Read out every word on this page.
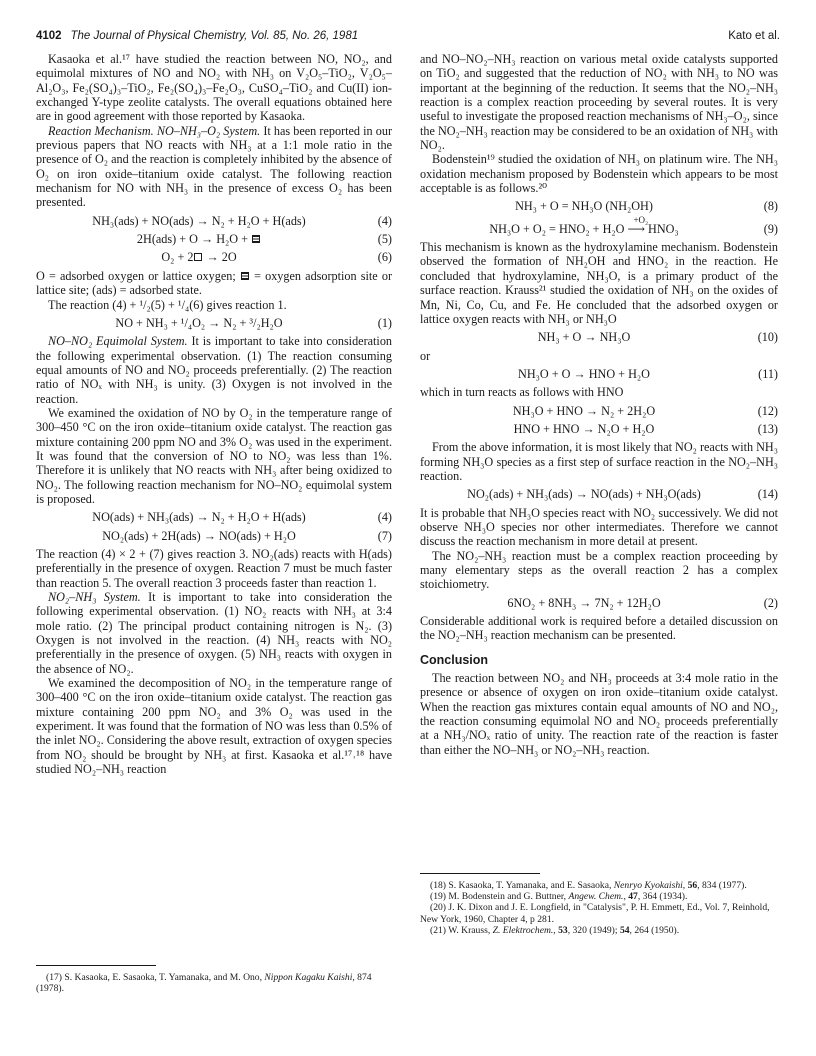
4102 The Journal of Physical Chemistry, Vol. 85, No. 26, 1981	Kato et al.

Kasaoka et al.¹⁷ have studied the reaction between NO, NO₂, and equimolal mixtures of NO and NO₂ with NH₃ on V₂O₅–TiO₂, V₂O₅–Al₂O₃, Fe₂(SO₄)₃–TiO₂, Fe₂(SO₄)₃–Fe₂O₃, CuSO₄–TiO₂ and Cu(II) ion-exchanged Y-type zeolite catalysts. The overall equations obtained here are in good agreement with those reported by Kasaoka.

Reaction Mechanism. NO–NH₃–O₂ System. It has been reported in our previous papers that NO reacts with NH₃ at a 1:1 mole ratio in the presence of O₂ and the reaction is completely inhibited by the absence of O₂ on iron oxide–titanium oxide catalyst. The following reaction mechanism for NO with NH₃ in the presence of excess O₂ has been presented.

NH₃(ads) + NO(ads) → N₂ + H₂O + H(ads)	(4)
2H(ads) + O → H₂O +	(5)
O₂ + 2 → 2O	(6)

O = adsorbed oxygen or lattice oxygen; = oxygen adsorption site or lattice site; (ads) = adsorbed state.

The reaction (4) + ¹/₂(5) + ¹/₄(6) gives reaction 1.

NO + NH₃ + ¹/₄O₂ → N₂ + ³/₂H₂O	(1)

NO–NO₂ Equimolal System. It is important to take into consideration the following experimental observation. (1) The reaction consuming equal amounts of NO and NO₂ proceeds preferentially. (2) The reaction ratio of NOₓ with NH₃ is unity. (3) Oxygen is not involved in the reaction.

We examined the oxidation of NO by O₂ in the temperature range of 300–450 °C on the iron oxide–titanium oxide catalyst. The reaction gas mixture containing 200 ppm NO and 3% O₂ was used in the experiment. It was found that the conversion of NO to NO₂ was less than 1%. Therefore it is unlikely that NO reacts with NH₃ after being oxidized to NO₂. The following reaction mechanism for NO–NO₂ equimolal system is proposed.

NO(ads) + NH₃(ads) → N₂ + H₂O + H(ads)	(4)
NO₂(ads) + 2H(ads) → NO(ads) + H₂O	(7)

The reaction (4) × 2 + (7) gives reaction 3. NO₂(ads) reacts with H(ads) preferentially in the presence of oxygen. Reaction 7 must be much faster than reaction 5. The overall reaction 3 proceeds faster than reaction 1.

NO₂–NH₃ System. It is important to take into consideration the following experimental observation. (1) NO₂ reacts with NH₃ at 3:4 mole ratio. (2) The principal product containing nitrogen is N₂. (3) Oxygen is not involved in the reaction. (4) NH₃ reacts with NO₂ preferentially in the presence of oxygen. (5) NH₃ reacts with oxygen in the absence of NO₂.

We examined the decomposition of NO₂ in the temperature range of 300–400 °C on the iron oxide–titanium oxide catalyst. The reaction gas mixture containing 200 ppm NO₂ and 3% O₂ was used in the experiment. It was found that the formation of NO was less than 0.5% of the inlet NO₂. Considering the above result, extraction of oxygen species from NO₂ should be brought by NH₃ at first. Kasaoka et al.¹⁷˒¹⁸ have studied NO₂–NH₃ reaction

and NO–NO₂–NH₃ reaction on various metal oxide catalysts supported on TiO₂ and suggested that the reduction of NO₂ with NH₃ to NO was important at the beginning of the reduction. It seems that the NO₂–NH₃ reaction is a complex reaction proceeding by several routes. It is very useful to investigate the proposed reaction mechanisms of NH₃–O₂, since the NO₂–NH₃ reaction may be considered to be an oxidation of NH₃ with NO₂.

Bodenstein¹⁹ studied the oxidation of NH₃ on platinum wire. The NH₃ oxidation mechanism proposed by Bodenstein which appears to be most acceptable is as follows.²⁰

NH₃ + O = NH₃O (NH₂OH)	(8)
NH₃O + O₂ = HNO₂ + H₂O
+O₂
⟶ HNO₃	(9)

This mechanism is known as the hydroxylamine mechanism. Bodenstein observed the formation of NH₂OH and HNO₂ in the reaction. He concluded that hydroxylamine, NH₃O, is a primary product of the surface reaction. Krauss²¹ studied the oxidation of NH₃ on the oxides of Mn, Ni, Co, Cu, and Fe. He concluded that the adsorbed oxygen or lattice oxygen reacts with NH₃ or NH₃O

NH₃ + O → NH₃O	(10)

or

NH₃O + O → HNO + H₂O	(11)

which in turn reacts as follows with HNO

NH₃O + HNO → N₂ + 2H₂O	(12)
HNO + HNO → N₂O + H₂O	(13)

From the above information, it is most likely that NO₂ reacts with NH₃ forming NH₃O species as a first step of surface reaction in the NO₂–NH₃ reaction.

NO₂(ads) + NH₃(ads) → NO(ads) + NH₃O(ads)	(14)

It is probable that NH₃O species react with NO₂ successively. We did not observe NH₃O species nor other intermediates. Therefore we cannot discuss the reaction mechanism in more detail at present.

The NO₂–NH₃ reaction must be a complex reaction proceeding by many elementary steps as the overall reaction 2 has a complex stoichiometry.

6NO₂ + 8NH₃ → 7N₂ + 12H₂O	(2)

Considerable additional work is required before a detailed discussion on the NO₂–NH₃ reaction mechanism can be presented.

Conclusion

The reaction between NO₂ and NH₃ proceeds at 3:4 mole ratio in the presence or absence of oxygen on iron oxide–titanium oxide catalyst. When the reaction gas mixtures contain equal amounts of NO and NO₂, the reaction consuming equimolal NO and NO₂ proceeds preferentially at a NH₃/NOₓ ratio of unity. The reaction rate of the reaction is faster than either the NO–NH₃ or NO₂–NH₃ reaction.

(17) S. Kasaoka, E. Sasaoka, T. Yamanaka, and M. Ono, Nippon Kagaku Kaishi, 874 (1978).

(18) S. Kasaoka, T. Yamanaka, and E. Sasaoka, Nenryo Kyokaishi, 56, 834 (1977).

(19) M. Bodenstein and G. Buttner, Angew. Chem., 47, 364 (1934).

(20) J. K. Dixon and J. E. Longfield, in "Catalysis", P. H. Emmett, Ed., Vol. 7, Reinhold, New York, 1960, Chapter 4, p 281.

(21) W. Krauss, Z. Elektrochem., 53, 320 (1949); 54, 264 (1950).
